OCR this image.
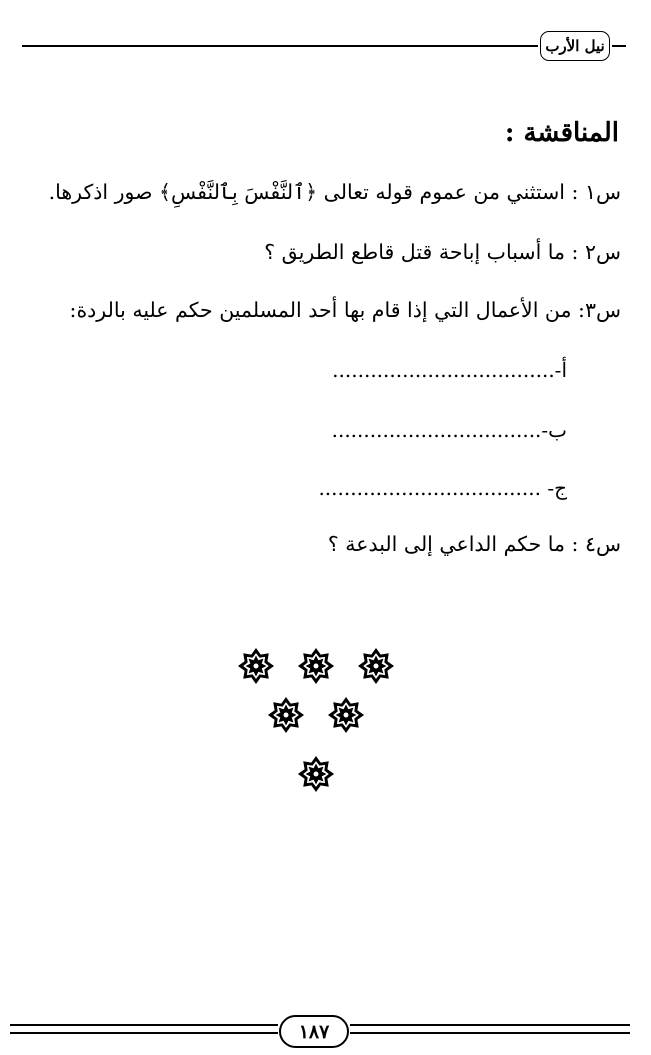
نيل الأرب
المناقشة :
س١ : استثني من عموم قوله تعالى ﴿ٱلنَّفْسَ بِٱلنَّفْسِ﴾ صور اذكرها.
س٢ : ما أسباب إباحة قتل قاطع الطريق ؟
س٣: من الأعمال التي إذا قام بها أحد المسلمين حكم عليه بالردة:
أ-...................................
ب-.................................
ج- ...................................
س٤ : ما حكم الداعي إلى البدعة ؟
١٨٧
